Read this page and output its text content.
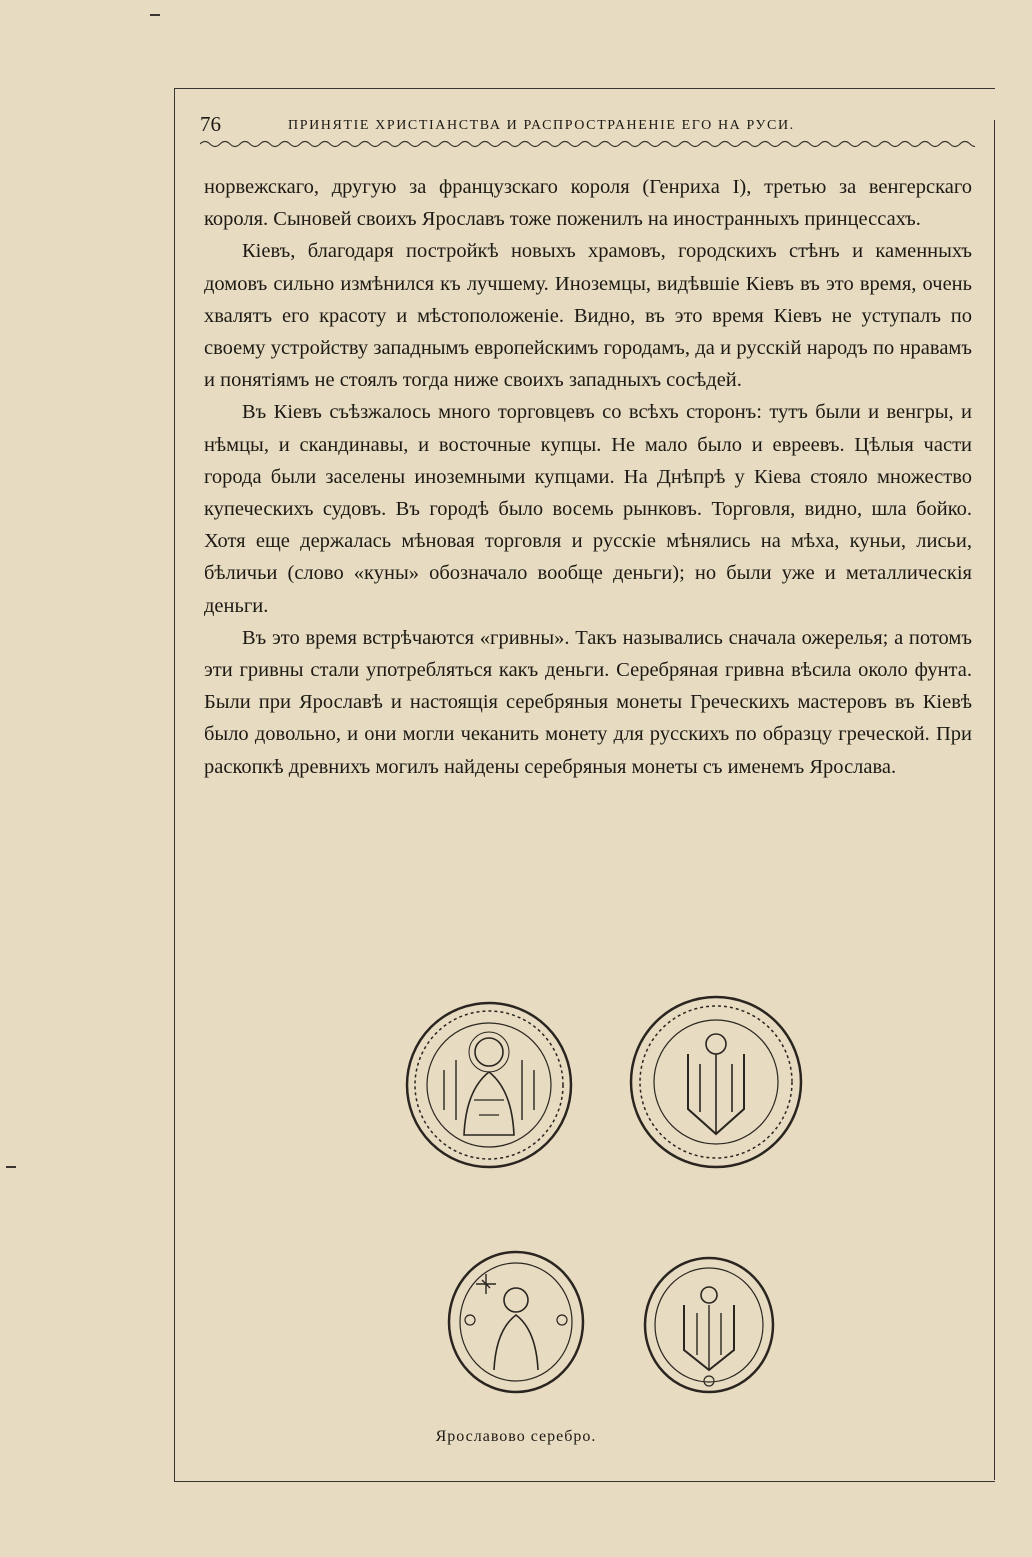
76	ПРИНЯТІЕ ХРИСТІАНСТВА И РАСПРОСТРАНЕНІЕ ЕГО НА РУСИ.

норвежскаго, другую за французскаго короля (Генриха I), третью за венгерскаго короля. Сыновей своихъ Ярославъ тоже поженилъ на иностранныхъ принцессахъ.

Кіевъ, благодаря постройкѣ новыхъ храмовъ, городскихъ стѣнъ и каменныхъ домовъ сильно измѣнился къ лучшему. Иноземцы, видѣвшіе Кіевъ въ это время, очень хвалятъ его красоту и мѣстоположеніе. Видно, въ это время Кіевъ не уступалъ по своему устройству западнымъ европейскимъ городамъ, да и русскій народъ по нравамъ и понятіямъ не стоялъ тогда ниже своихъ западныхъ сосѣдей.

Въ Кіевъ съѣзжалось много торговцевъ со всѣхъ сторонъ: тутъ были и венгры, и нѣмцы, и скандинавы, и восточные купцы. Не мало было и евреевъ. Цѣлыя части города были заселены иноземными купцами. На Днѣпрѣ у Кіева стояло множество купеческихъ судовъ. Въ городѣ было восемь рынковъ. Торговля, видно, шла бойко. Хотя еще держалась мѣновая торговля и русскіе мѣнялись на мѣха, куньи, лисьи, бѣличьи (слово «куны» обозначало вообще деньги); но были уже и металлическія деньги.

Въ это время встрѣчаются «гривны». Такъ назывались сначала ожерелья; а потомъ эти гривны стали употребляться какъ деньги. Серебряная гривна вѣсила около фунта. Были при Ярославѣ и настоящія серебряныя монеты Греческихъ мастеровъ въ Кіевѣ было довольно, и они могли чеканить монету для русскихъ по образцу греческой. При раскопкѣ древнихъ могилъ найдены серебряныя монеты съ именемъ Ярослава.

Ярославово серебро.
